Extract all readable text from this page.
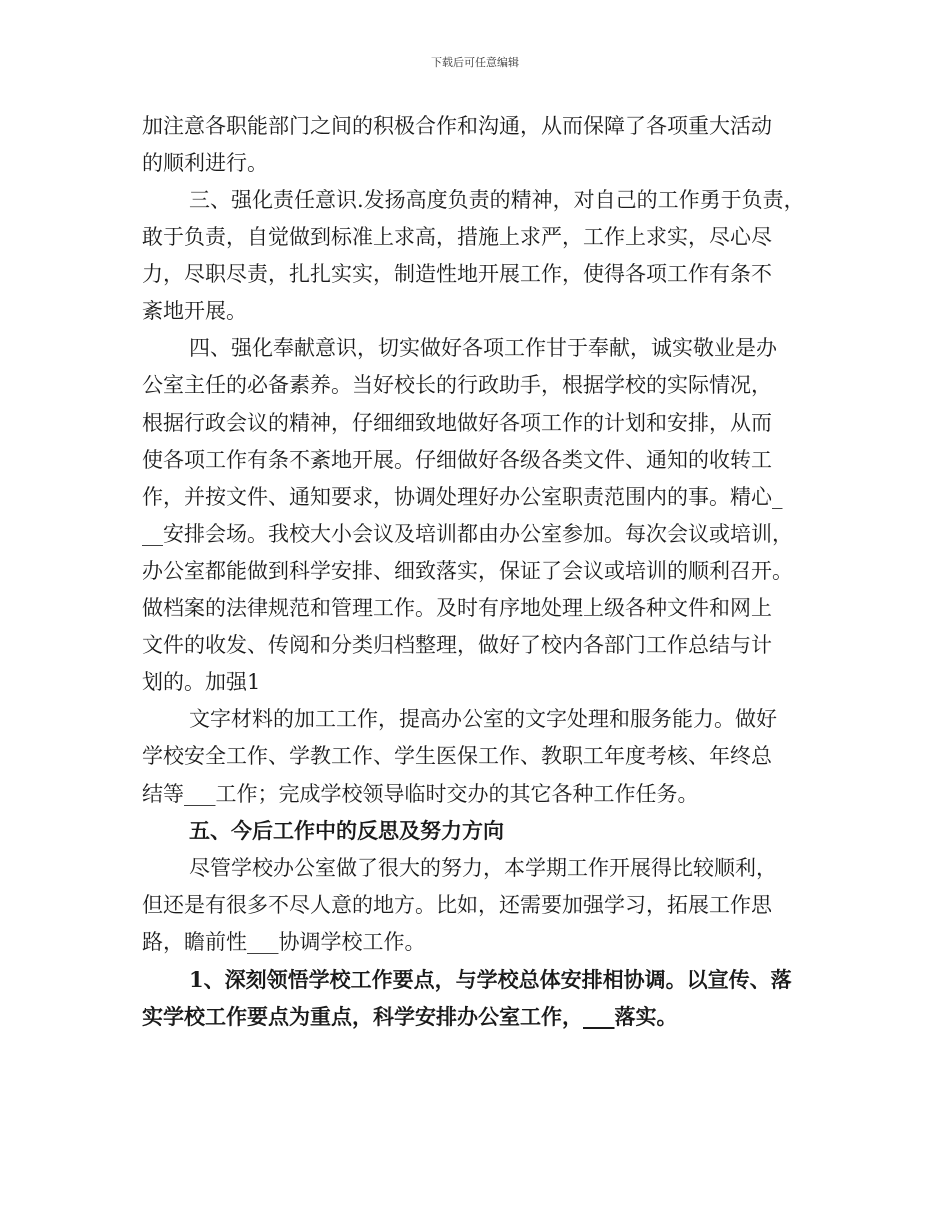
下载后可任意编辑
加注意各职能部门之间的积极合作和沟通，从而保障了各项重大活动
的顺利进行。
三、强化责任意识.发扬高度负责的精神，对自己的工作勇于负责，
敢于负责，自觉做到标准上求高，措施上求严，工作上求实，尽心尽
力，尽职尽责，扎扎实实，制造性地开展工作，使得各项工作有条不
紊地开展。
四、强化奉献意识，切实做好各项工作甘于奉献，诚实敬业是办
公室主任的必备素养。当好校长的行政助手，根据学校的实际情况，
根据行政会议的精神，仔细细致地做好各项工作的计划和安排，从而
使各项工作有条不紊地开展。仔细做好各级各类文件、通知的收转工
作，并按文件、通知要求，协调处理好办公室职责范围内的事。精心_
__安排会场。我校大小会议及培训都由办公室参加。每次会议或培训，
办公室都能做到科学安排、细致落实，保证了会议或培训的顺利召开。
做档案的法律规范和管理工作。及时有序地处理上级各种文件和网上
文件的收发、传阅和分类归档整理，做好了校内各部门工作总结与计
划的。加强1
文字材料的加工工作，提高办公室的文字处理和服务能力。做好
学校安全工作、学教工作、学生医保工作、教职工年度考核、年终总
结等___工作；完成学校领导临时交办的其它各种工作任务。
五、今后工作中的反思及努力方向
尽管学校办公室做了很大的努力，本学期工作开展得比较顺利，
但还是有很多不尽人意的地方。比如，还需要加强学习，拓展工作思
路，瞻前性___协调学校工作。
1、深刻领悟学校工作要点，与学校总体安排相协调。以宣传、落
实学校工作要点为重点，科学安排办公室工作，___落实。
